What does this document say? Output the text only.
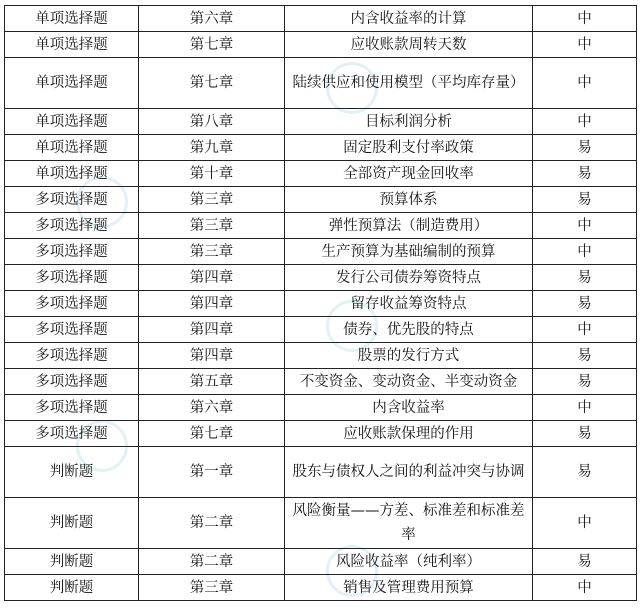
单项选择题	第六章	内含收益率的计算	中
单项选择题	第七章	应收账款周转天数	中
单项选择题	第七章	陆续供应和使用模型（平均库存量）	中
单项选择题	第八章	目标利润分析	中
单项选择题	第九章	固定股利支付率政策	易
单项选择题	第十章	全部资产现金回收率	易
多项选择题	第三章	预算体系	易
多项选择题	第三章	弹性预算法（制造费用）	中
多项选择题	第三章	生产预算为基础编制的预算	中
多项选择题	第四章	发行公司债券筹资特点	易
多项选择题	第四章	留存收益筹资特点	易
多项选择题	第四章	债券、优先股的特点	中
多项选择题	第四章	股票的发行方式	易
多项选择题	第五章	不变资金、变动资金、半变动资金	易
多项选择题	第六章	内含收益率	中
多项选择题	第七章	应收账款保理的作用	易
判断题	第一章	股东与债权人之间的利益冲突与协调	易
判断题	第二章	风险衡量——方差、标准差和标准差率	中
判断题	第二章	风险收益率（纯利率）	易
判断题	第三章	销售及管理费用预算	中
